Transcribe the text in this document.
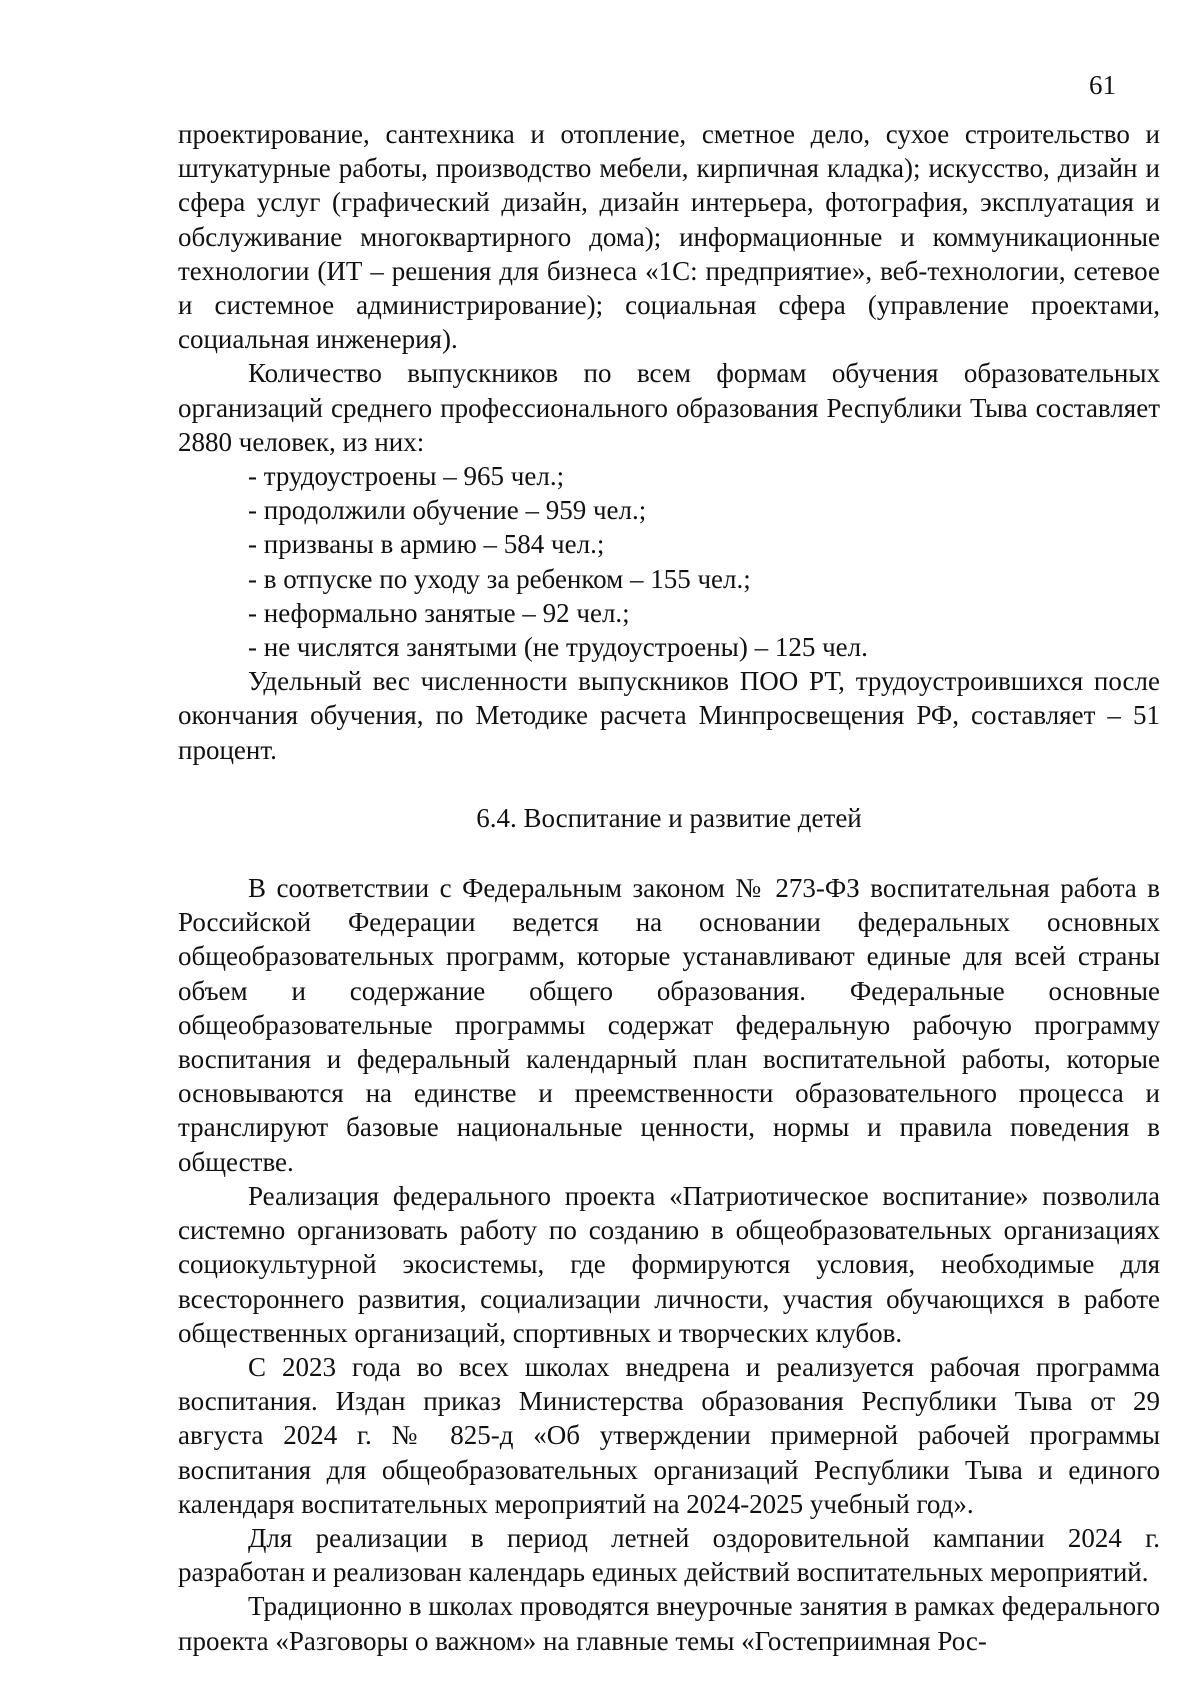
61

проектирование, сантехника и отопление, сметное дело, сухое строительство и штукатурные работы, производство мебели, кирпичная кладка); искусство, дизайн и сфера услуг (графический дизайн, дизайн интерьера, фотография, эксплуатация и обслуживание многоквартирного дома); информационные и коммуникационные технологии (ИТ – решения для бизнеса «1С: предприятие», веб-технологии, сетевое и системное администрирование); социальная сфера (управление проектами, социальная инженерия).

Количество выпускников по всем формам обучения образовательных организаций среднего профессионального образования Республики Тыва составляет 2880 человек, из них:

- трудоустроены – 965 чел.;
- продолжили обучение – 959 чел.;
- призваны в армию – 584 чел.;
- в отпуске по уходу за ребенком – 155 чел.;
- неформально занятые – 92 чел.;
- не числятся занятыми (не трудоустроены) – 125 чел.

Удельный вес численности выпускников ПОО РТ, трудоустроившихся после окончания обучения, по Методике расчета Минпросвещения РФ, составляет – 51 процент.

6.4. Воспитание и развитие детей

В соответствии с Федеральным законом № 273-ФЗ воспитательная работа в Российской Федерации ведется на основании федеральных основных общеобразовательных программ, которые устанавливают единые для всей страны объем и содержание общего образования. Федеральные основные общеобразовательные программы содержат федеральную рабочую программу воспитания и федеральный календарный план воспитательной работы, которые основываются на единстве и преемственности образовательного процесса и транслируют базовые национальные ценности, нормы и правила поведения в обществе.

Реализация федерального проекта «Патриотическое воспитание» позволила системно организовать работу по созданию в общеобразовательных организациях социокультурной экосистемы, где формируются условия, необходимые для всестороннего развития, социализации личности, участия обучающихся в работе общественных организаций, спортивных и творческих клубов.

С 2023 года во всех школах внедрена и реализуется рабочая программа воспитания. Издан приказ Министерства образования Республики Тыва от 29 августа 2024 г. № 825-д «Об утверждении примерной рабочей программы воспитания для общеобразовательных организаций Республики Тыва и единого календаря воспитательных мероприятий на 2024-2025 учебный год».

Для реализации в период летней оздоровительной кампании 2024 г. разработан и реализован календарь единых действий воспитательных мероприятий.

Традиционно в школах проводятся внеурочные занятия в рамках федерального проекта «Разговоры о важном» на главные темы «Гостеприимная Рос-
